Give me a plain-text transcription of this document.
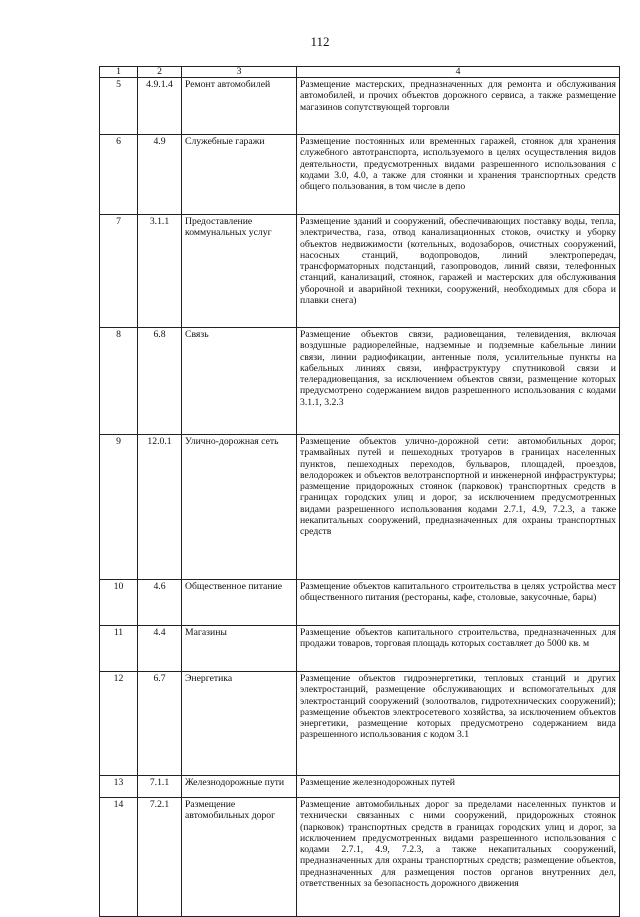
112
1	2	3	4
5	4.9.1.4	Ремонт автомобилей	Размещение мастерских, предназначенных для ремонта и обслуживания автомобилей, и прочих объектов дорожного сервиса, а также размещение магазинов сопутствующей торговли
6	4.9	Служебные гаражи	Размещение постоянных или временных гаражей, стоянок для хранения служебного автотранспорта, используемого в целях осуществления видов деятельности, предусмотренных видами разрешенного использования с кодами 3.0, 4.0, а также для стоянки и хранения транспортных средств общего пользования, в том числе в депо
7	3.1.1	Предоставление коммунальных услуг	Размещение зданий и сооружений, обеспечивающих поставку воды, тепла, электричества, газа, отвод канализационных стоков, очистку и уборку объектов недвижимости (котельных, водозаборов, очистных сооружений, насосных станций, водопроводов, линий электропередач, трансформаторных подстанций, газопроводов, линий связи, телефонных станций, канализаций, стоянок, гаражей и мастерских для обслуживания уборочной и аварийной техники, сооружений, необходимых для сбора и плавки снега)
8	6.8	Связь	Размещение объектов связи, радиовещания, телевидения, включая воздушные радиорелейные, надземные и подземные кабельные линии связи, линии радиофикации, антенные поля, усилительные пункты на кабельных линиях связи, инфраструктуру спутниковой связи и телерадиовещания, за исключением объектов связи, размещение которых предусмотрено содержанием видов разрешенного использования с кодами 3.1.1, 3.2.3
9	12.0.1	Улично-дорожная сеть	Размещение объектов улично-дорожной сети: автомобильных дорог, трамвайных путей и пешеходных тротуаров в границах населенных пунктов, пешеходных переходов, бульваров, площадей, проездов, велодорожек и объектов велотранспортной и инженерной инфраструктуры; размещение придорожных стоянок (парковок) транспортных средств в границах городских улиц и дорог, за исключением предусмотренных видами разрешенного использования кодами 2.7.1, 4.9, 7.2.3, а также некапитальных сооружений, предназначенных для охраны транспортных средств
10	4.6	Общественное питание	Размещение объектов капитального строительства в целях устройства мест общественного питания (рестораны, кафе, столовые, закусочные, бары)
11	4.4	Магазины	Размещение объектов капитального строительства, предназначенных для продажи товаров, торговая площадь которых составляет до 5000 кв. м
12	6.7	Энергетика	Размещение объектов гидроэнергетики, тепловых станций и других электростанций, размещение обслуживающих и вспомогательных для электростанций сооружений (золоотвалов, гидротехнических сооружений); размещение объектов электросетевого хозяйства, за исключением объектов энергетики, размещение которых предусмотрено содержанием вида разрешенного использования с кодом 3.1
13	7.1.1	Железнодорожные пути	Размещение железнодорожных путей
14	7.2.1	Размещение автомобильных дорог	Размещение автомобильных дорог за пределами населенных пунктов и технически связанных с ними сооружений, придорожных стоянок (парковок) транспортных средств в границах городских улиц и дорог, за исключением предусмотренных видами разрешенного использования с кодами 2.7.1, 4.9, 7.2.3, а также некапитальных сооружений, предназначенных для охраны транспортных средств; размещение объектов, предназначенных для размещения постов органов внутренних дел, ответственных за безопасность дорожного движения
